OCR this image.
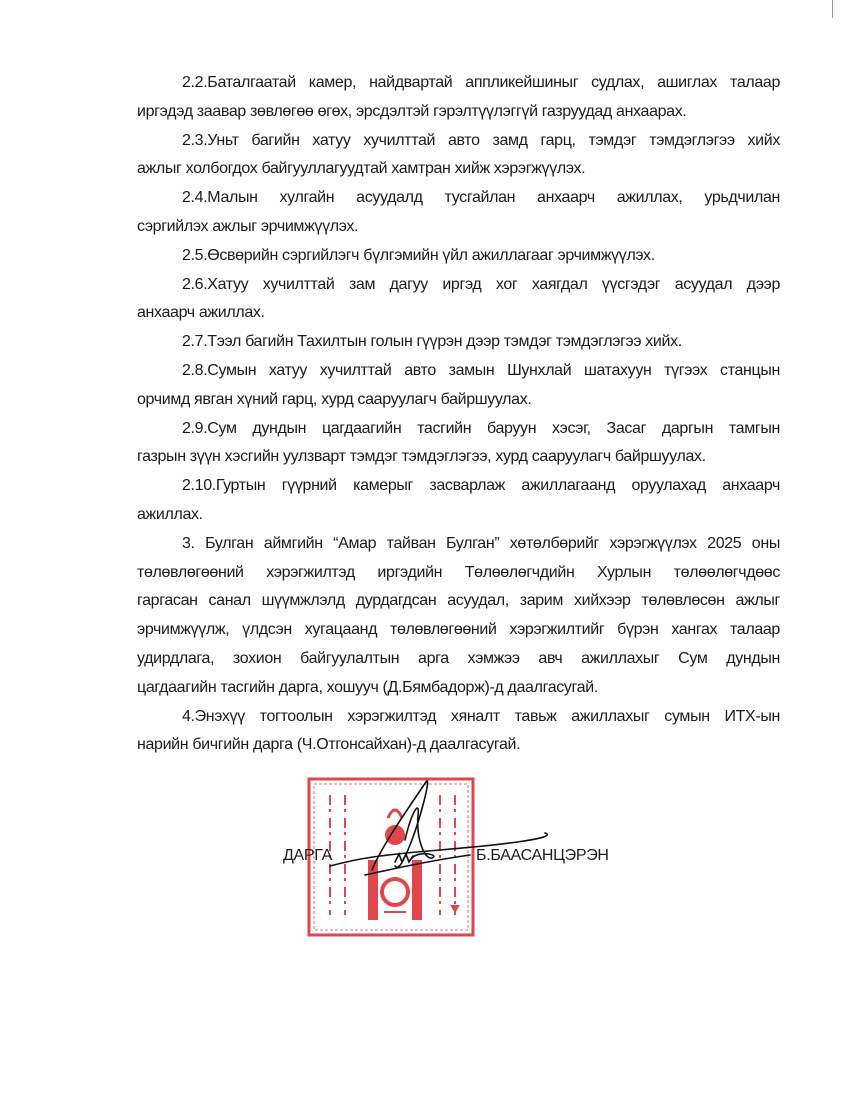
2.2.Баталгаатай камер, найдвартай аппликейшиныг судлах, ашиглах талаар
иргэдэд заавар зөвлөгөө өгөх, эрсдэлтэй гэрэлтүүлэггүй газруудад анхаарах.
2.3.Уньт багийн хатуу хучилттай авто замд гарц, тэмдэг тэмдэглэгээ хийх
ажлыг холбогдох байгууллагуудтай хамтран хийж хэрэгжүүлэх.
2.4.Малын хулгайн асуудалд тусгайлан анхаарч ажиллах, урьдчилан
сэргийлэх ажлыг эрчимжүүлэх.
2.5.Өсвөрийн сэргийлэгч бүлгэмийн үйл ажиллагааг эрчимжүүлэх.
2.6.Хатуу хучилттай зам дагуу иргэд хог хаягдал үүсгэдэг асуудал дээр
анхаарч ажиллах.
2.7.Тээл багийн Тахилтын голын гүүрэн дээр тэмдэг тэмдэглэгээ хийх.
2.8.Сумын хатуу хучилттай авто замын Шунхлай шатахуун түгээх станцын
орчимд явган хүний гарц, хурд сааруулагч байршуулах.
2.9.Сум дундын цагдаагийн тасгийн баруун хэсэг, Засаг даргын тамгын
газрын зүүн хэсгийн уулзварт тэмдэг тэмдэглэгээ, хурд сааруулагч байршуулах.
2.10.Гуртын гүүрний камерыг засварлаж ажиллагаанд оруулахад анхаарч
ажиллах.
3. Булган аймгийн “Амар тайван Булган” хөтөлбөрийг хэрэгжүүлэх 2025 оны
төлөвлөгөөний хэрэгжилтэд иргэдийн Төлөөлөгчдийн Хурлын төлөөлөгчдөөс
гаргасан санал шүүмжлэлд дурдагдсан асуудал, зарим хийхээр төлөвлөсөн ажлыг
эрчимжүүлж, үлдсэн хугацаанд төлөвлөгөөний хэрэгжилтийг бүрэн хангах талаар
удирдлага, зохион байгуулалтын арга хэмжээ авч ажиллахыг Сум дундын
цагдаагийн тасгийн дарга, хошууч (Д.Бямбадорж)-д даалгасугай.
4.Энэхүү тогтоолын хэрэгжилтэд хяналт тавьж ажиллахыг сумын ИТХ-ын
нарийн бичгийн дарга (Ч.Отгонсайхан)-д даалгасугай.
ДАРГА	Б.БААСАНЦЭРЭН
